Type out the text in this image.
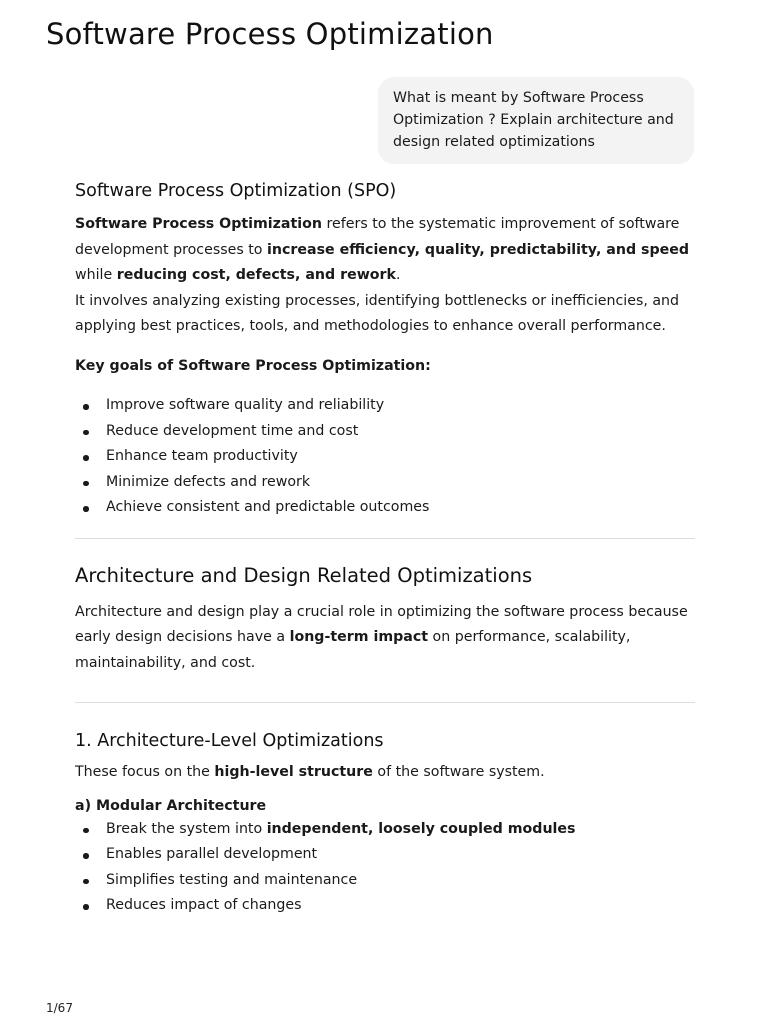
Software Process Optimization
What is meant by Software Process Optimization ? Explain architecture and design related optimizations
Software Process Optimization (SPO)

Software Process Optimization refers to the systematic improvement of software development processes to increase efficiency, quality, predictability, and speed while reducing cost, defects, and rework.

It involves analyzing existing processes, identifying bottlenecks or inefficiencies, and applying best practices, tools, and methodologies to enhance overall performance.

Key goals of Software Process Optimization:

Improve software quality and reliability
Reduce development time and cost
Enhance team productivity
Minimize defects and rework
Achieve consistent and predictable outcomes
Architecture and Design Related Optimizations

Architecture and design play a crucial role in optimizing the software process because early design decisions have a long-term impact on performance, scalability, maintainability, and cost.

1. Architecture-Level Optimizations

These focus on the high-level structure of the software system.

a) Modular Architecture

Break the system into independent, loosely coupled modules
Enables parallel development
Simplifies testing and maintenance
Reduces impact of changes
1/67
